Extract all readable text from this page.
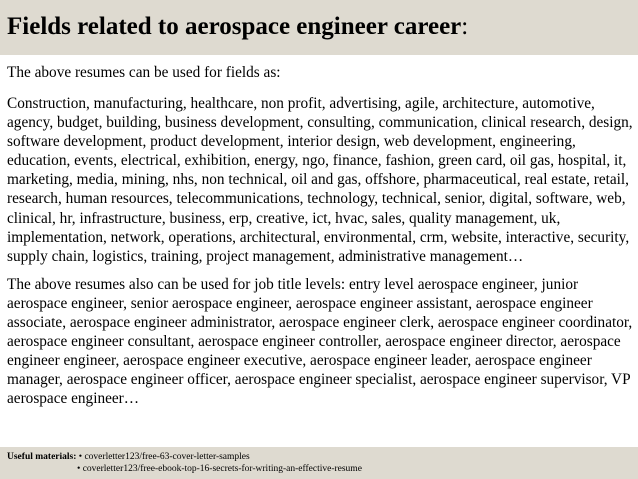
Fields related to aerospace engineer career:

The above resumes can be used for fields as:

Construction, manufacturing, healthcare, non profit, advertising, agile, architecture, automotive, agency, budget, building, business development, consulting, communication, clinical research, design, software development, product development, interior design, web development, engineering, education, events, electrical, exhibition, energy, ngo, finance, fashion, green card, oil gas, hospital, it, marketing, media, mining, nhs, non technical, oil and gas, offshore, pharmaceutical, real estate, retail, research, human resources, telecommunications, technology, technical, senior, digital, software, web, clinical, hr, infrastructure, business, erp, creative, ict, hvac, sales, quality management, uk, implementation, network, operations, architectural, environmental, crm, website, interactive, security, supply chain, logistics, training, project management, administrative management…

The above resumes also can be used for job title levels: entry level aerospace engineer, junior aerospace engineer, senior aerospace engineer, aerospace engineer assistant, aerospace engineer associate, aerospace engineer administrator, aerospace engineer clerk, aerospace engineer coordinator, aerospace engineer consultant, aerospace engineer controller, aerospace engineer director, aerospace engineer engineer, aerospace engineer executive, aerospace engineer leader, aerospace engineer manager, aerospace engineer officer, aerospace engineer specialist, aerospace engineer supervisor, VP aerospace engineer…

Useful materials: • coverletter123/free-63-cover-letter-samples
• coverletter123/free-ebook-top-16-secrets-for-writing-an-effective-resume
